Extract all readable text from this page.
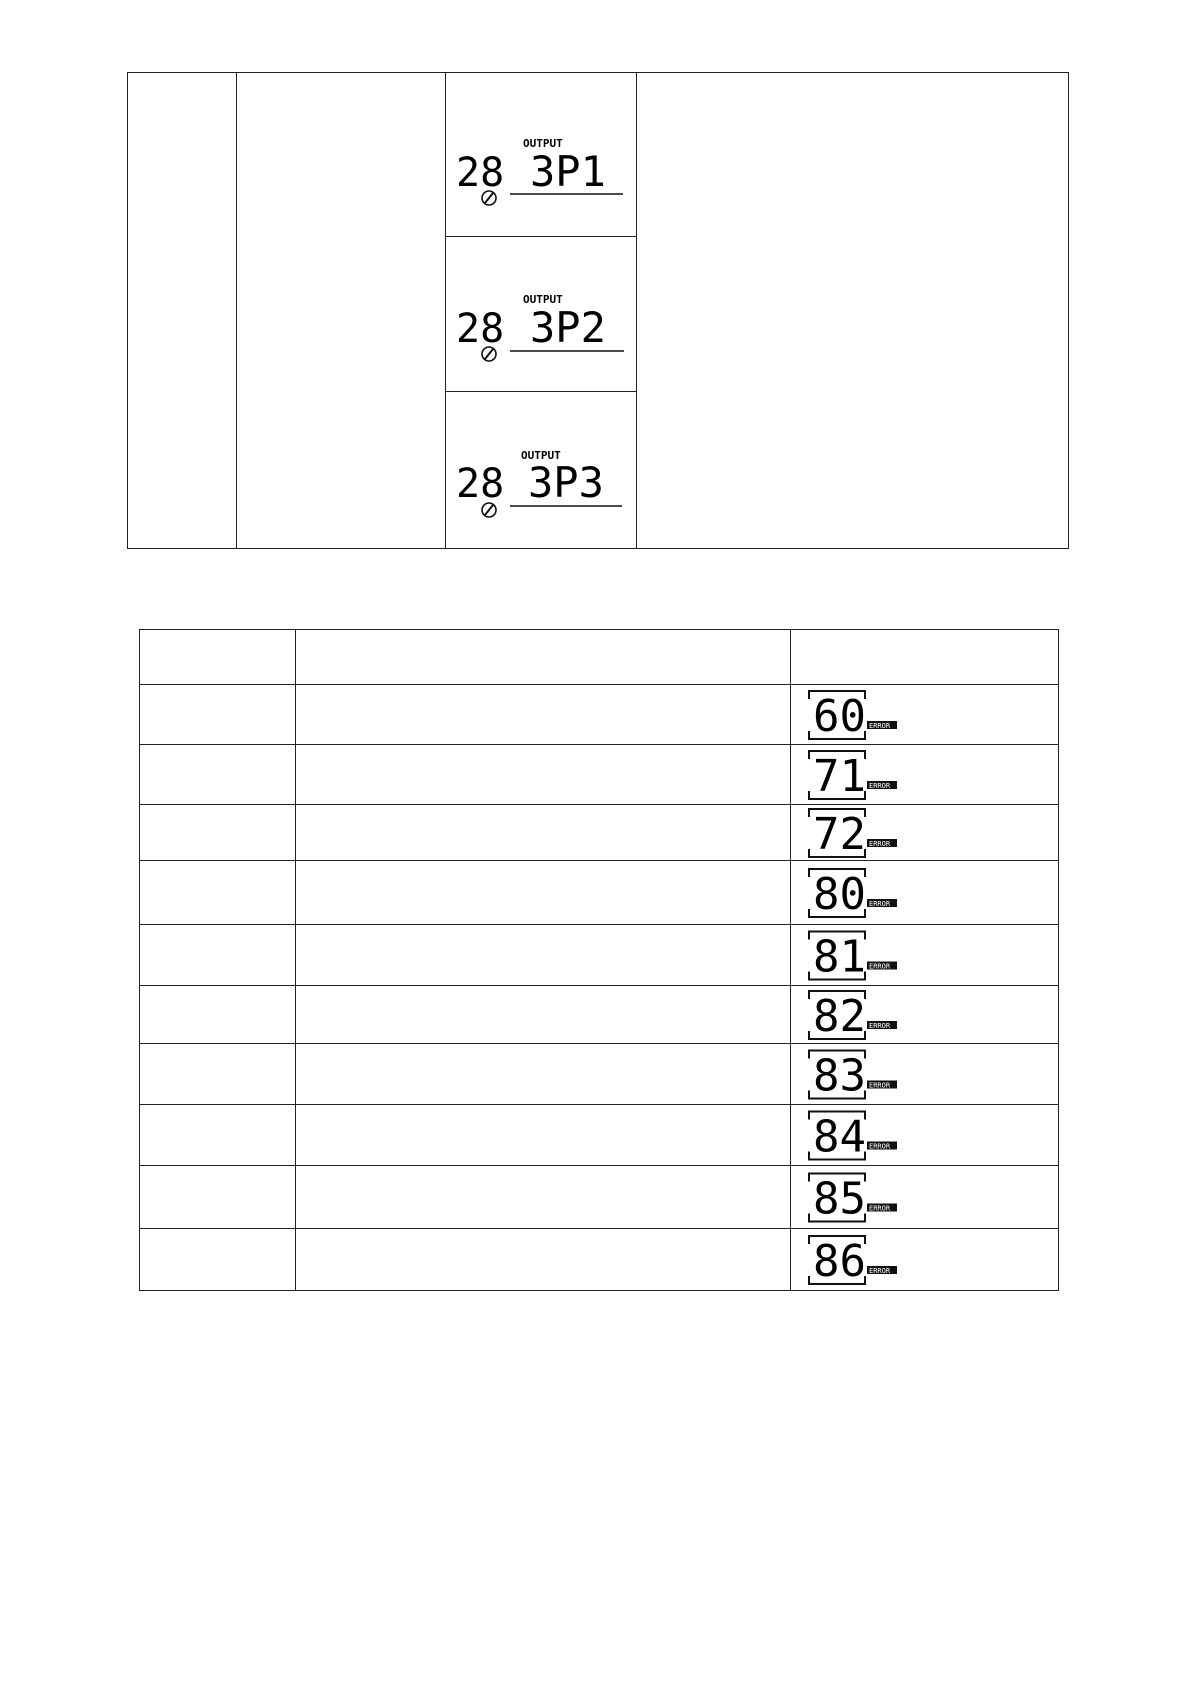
28
OUTPUT
3P1

28
OUTPUT
3P2

28
OUTPUT
3P3

60 ERROR

71 ERROR

72 ERROR

80 ERROR

81 ERROR

82 ERROR

83 ERROR

84 ERROR

85 ERROR

86 ERROR
